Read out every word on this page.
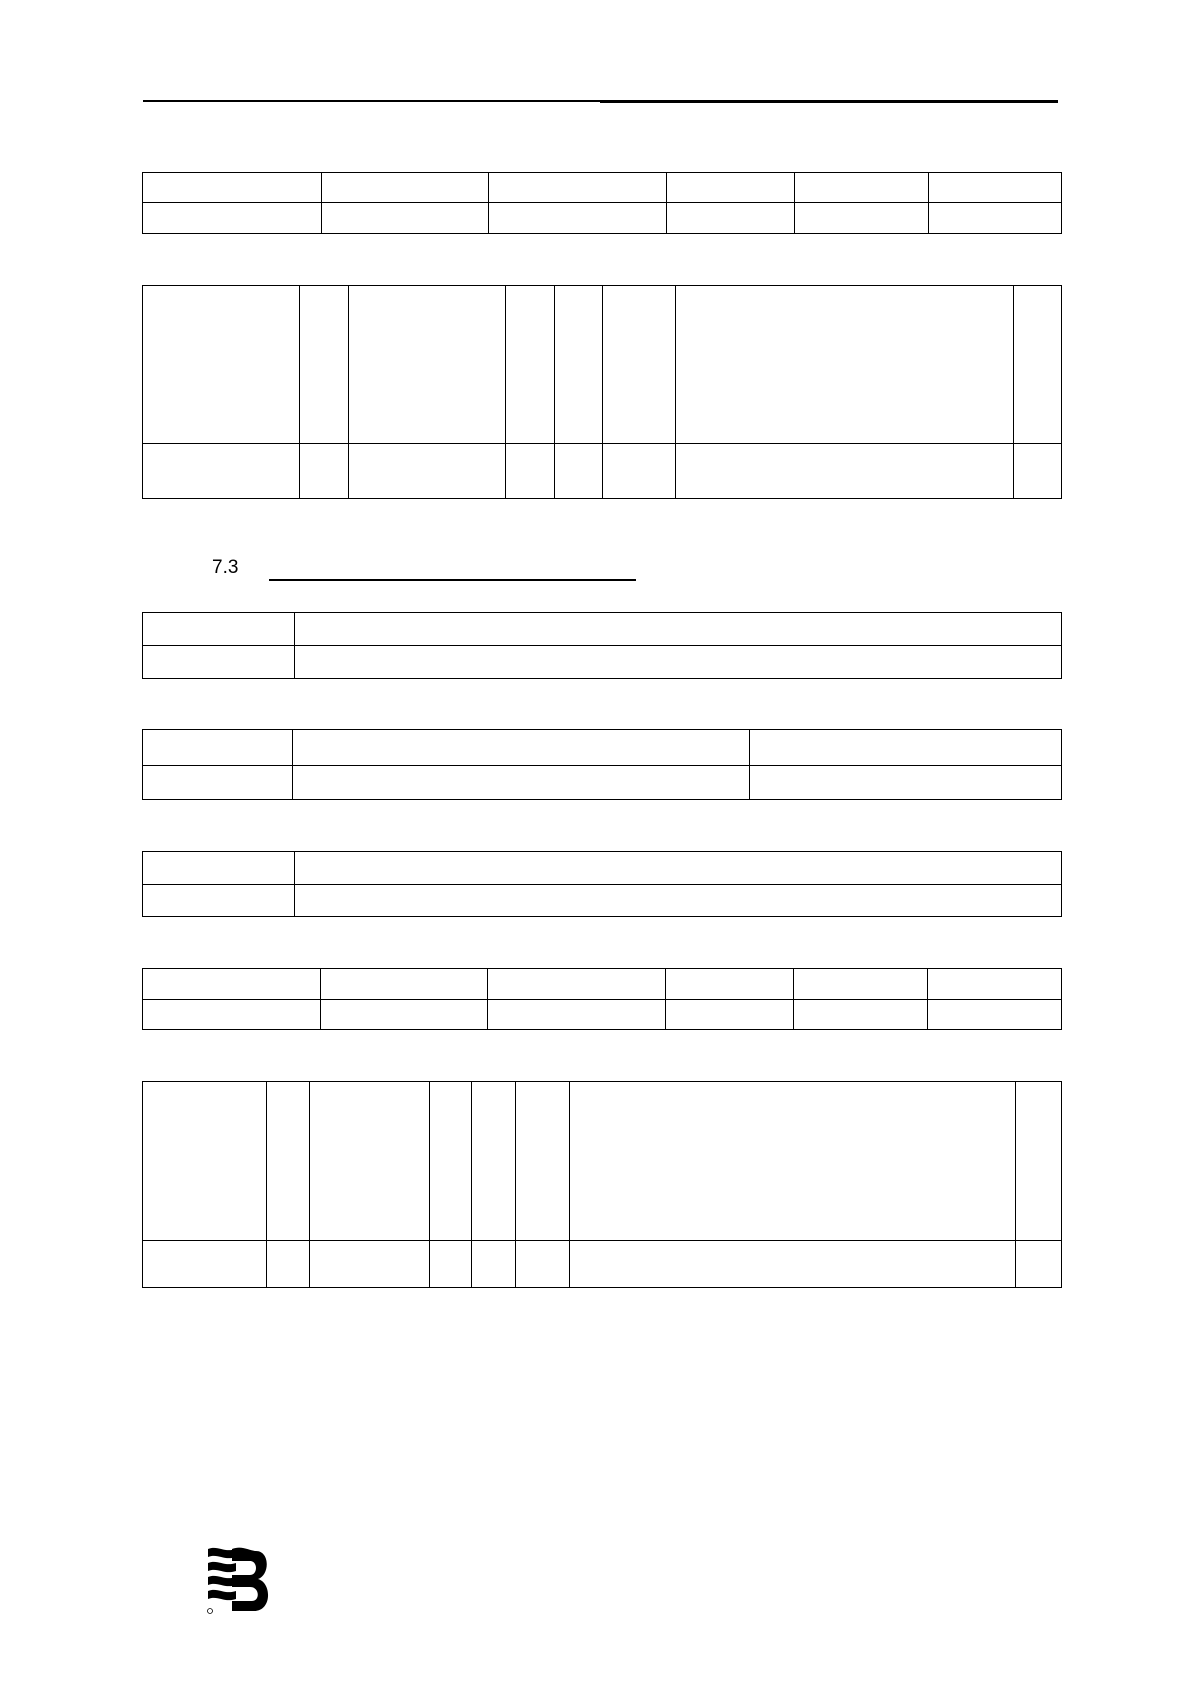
7.3
